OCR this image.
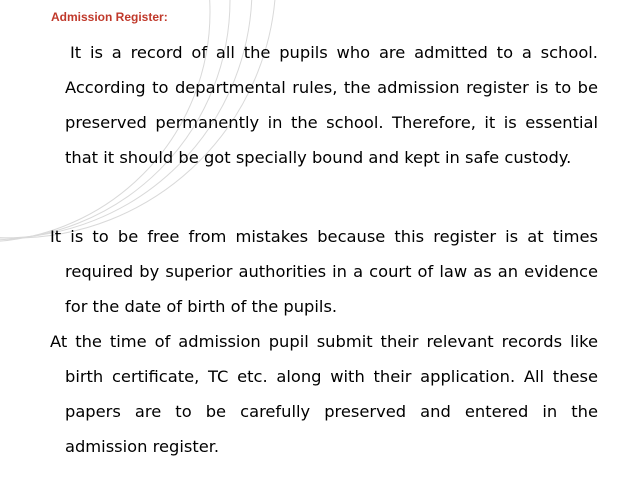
Admission Register:

It is a record of all the pupils who are admitted to a school. According to departmental rules, the admission register is to be preserved permanently in the school. Therefore, it is essential that it should be got specially bound and kept in safe custody.

It is to be free from mistakes because this register is at times required by superior authorities in a court of law as an evidence for the date of birth of the pupils.

At the time of admission pupil submit their relevant records like birth certificate, TC etc. along with their application. All these papers are to be carefully preserved and entered in the admission register.
